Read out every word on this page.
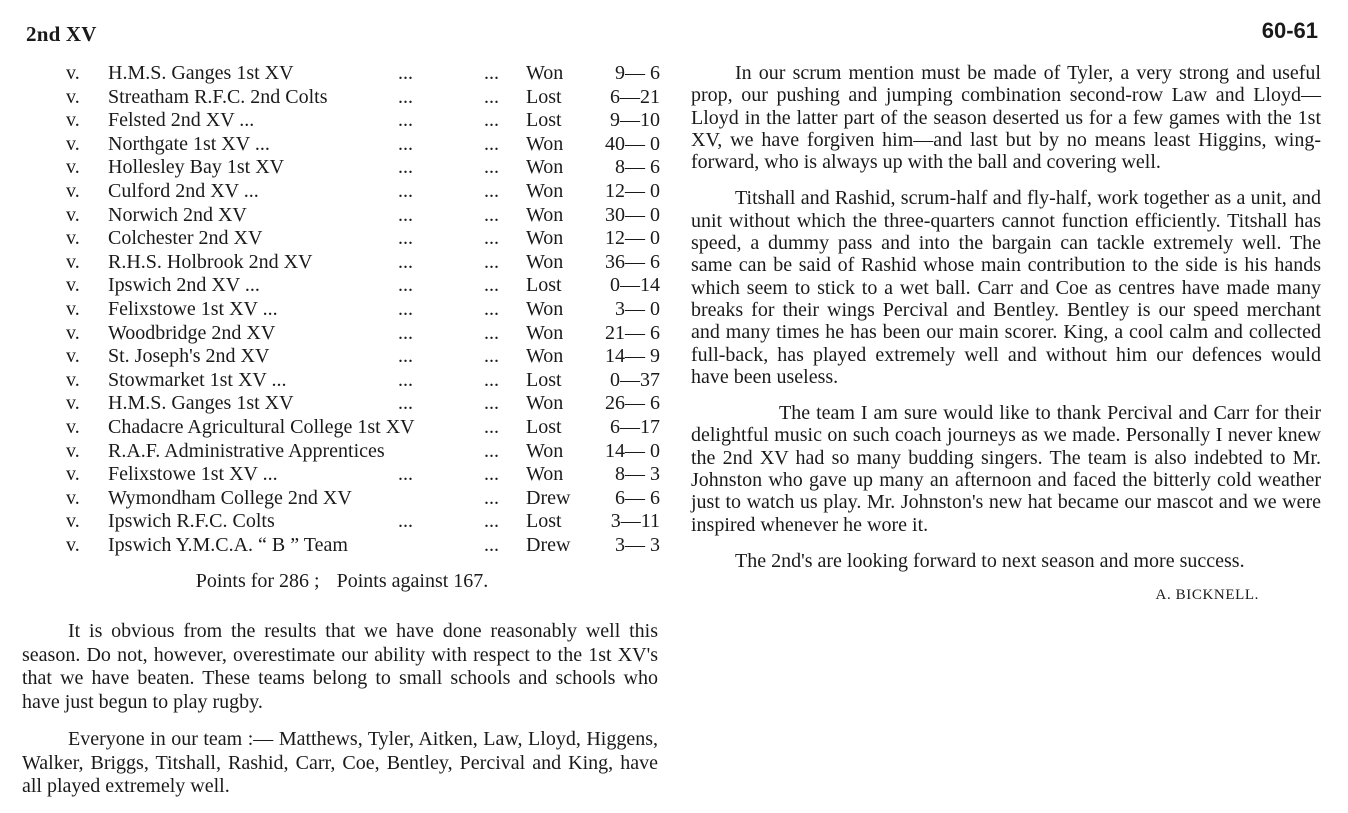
2nd XV	60-61
v. H.M.S. Ganges 1st XV	...	... Won	9— 6
v. Streatham R.F.C. 2nd Colts	...	... Lost	6—21
v. Felsted 2nd XV ...	...	... Lost	9—10
v. Northgate 1st XV ...	...	... Won	40— 0
v. Hollesley Bay 1st XV	...	... Won	8— 6
v. Culford 2nd XV ...	...	... Won	12— 0
v. Norwich 2nd XV	...	... Won	30— 0
v. Colchester 2nd XV	...	... Won	12— 0
v. R.H.S. Holbrook 2nd XV	...	... Won	36— 6
v. Ipswich 2nd XV ...	...	... Lost	0—14
v. Felixstowe 1st XV ...	...	... Won	3— 0
v. Woodbridge 2nd XV	...	... Won	21— 6
v. St. Joseph's 2nd XV	...	... Won	14— 9
v. Stowmarket 1st XV ...	...	... Lost	0—37
v. H.M.S. Ganges 1st XV	...	... Won	26— 6
v. Chadacre Agricultural College 1st XV	... Lost	6—17
v. R.A.F. Administrative Apprentices	... Won	14— 0
v. Felixstowe 1st XV ...	...	... Won	8— 3
v. Wymondham College 2nd XV	... Drew	6— 6
v. Ipswich R.F.C. Colts	...	... Lost	3—11
v. Ipswich Y.M.C.A. “ B ” Team	... Drew	3— 3
Points for 286 ; Points against 167.

It is obvious from the results that we have done reasonably well this season. Do not, however, overestimate our ability with respect to the 1st XV's that we have beaten. These teams belong to small schools and schools who have just begun to play rugby.

Everyone in our team :— Matthews, Tyler, Aitken, Law, Lloyd, Higgens, Walker, Briggs, Titshall, Rashid, Carr, Coe, Bentley, Percival and King, have all played extremely well.

In our scrum mention must be made of Tyler, a very strong and useful prop, our pushing and jumping combination second-row Law and Lloyd—Lloyd in the latter part of the season deserted us for a few games with the 1st XV, we have forgiven him—and last but by no means least Higgins, wing-forward, who is always up with the ball and covering well.

Titshall and Rashid, scrum-half and fly-half, work together as a unit, and unit without which the three-quarters cannot function efficiently. Titshall has speed, a dummy pass and into the bargain can tackle extremely well. The same can be said of Rashid whose main contribution to the side is his hands which seem to stick to a wet ball. Carr and Coe as centres have made many breaks for their wings Percival and Bentley. Bentley is our speed merchant and many times he has been our main scorer. King, a cool calm and collected full-back, has played extremely well and without him our defences would have been useless.

The team I am sure would like to thank Percival and Carr for their delightful music on such coach journeys as we made. Personally I never knew the 2nd XV had so many budding singers. The team is also indebted to Mr. Johnston who gave up many an afternoon and faced the bitterly cold weather just to watch us play. Mr. Johnston's new hat became our mascot and we were inspired whenever he wore it.

The 2nd's are looking forward to next season and more success.

A. BICKNELL.
